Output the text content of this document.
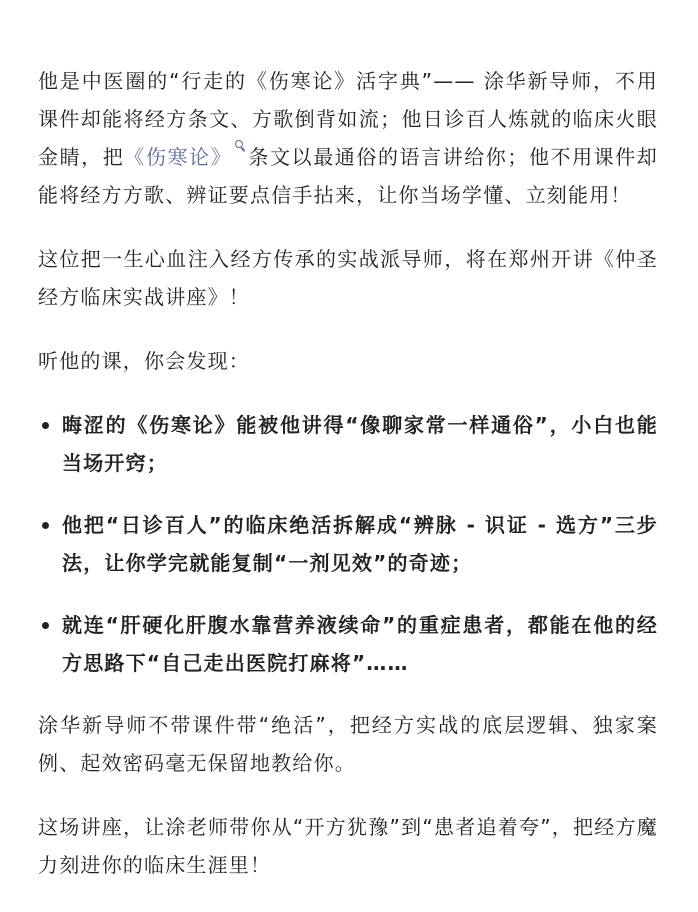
他是中医圈的“行走的《伤寒论》活字典”—— 涂华新导师，不用课件却能将经方条文、方歌倒背如流；他日诊百人炼就的临床火眼金睛，把《伤寒论》 条文以最通俗的语言讲给你；他不用课件却能将经方方歌、辨证要点信手拈来，让你当场学懂、立刻能用！

这位把一生心血注入经方传承的实战派导师，将在郑州开讲《仲圣经方临床实战讲座》！

听他的课，你会发现：

晦涩的《伤寒论》能被他讲得“像聊家常一样通俗”，小白也能当场开窍；
他把“日诊百人”的临床绝活拆解成“辨脉 - 识证 - 选方”三步法，让你学完就能复制“一剂见效”的奇迹；
就连“肝硬化肝腹水靠营养液续命”的重症患者，都能在他的经方思路下“自己走出医院打麻将”……

涂华新导师不带课件带“绝活”，把经方实战的底层逻辑、独家案例、起效密码毫无保留地教给你。

这场讲座，让涂老师带你从“开方犹豫”到“患者追着夸”，把经方魔力刻进你的临床生涯里！
